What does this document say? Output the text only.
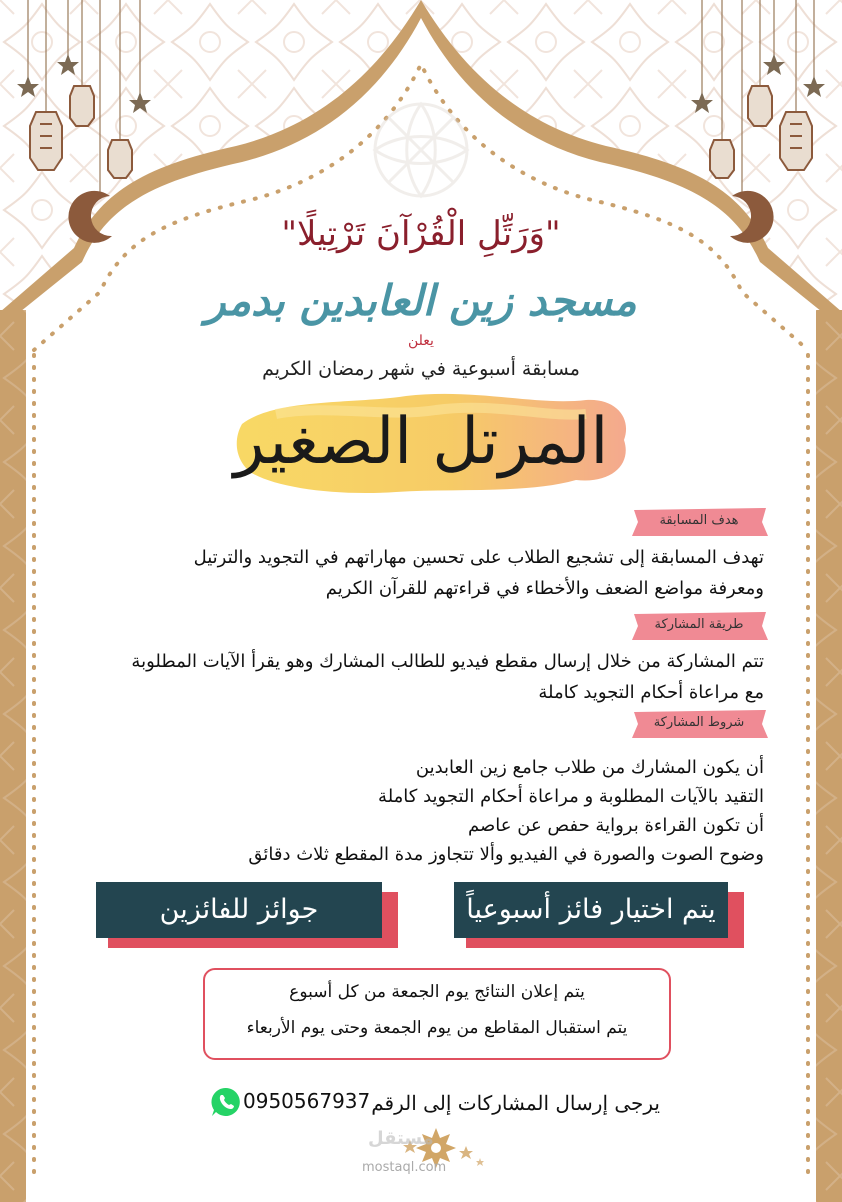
"وَرَتِّلِ الْقُرْآنَ تَرْتِيلًا"
مسجد زين العابدين بدمر
يعلن
مسابقة أسبوعية في شهر رمضان الكريم
المرتل الصغير
هدف المسابقة
تهدف المسابقة إلى تشجيع الطلاب على تحسين مهاراتهم في التجويد والترتيل
ومعرفة مواضع الضعف والأخطاء في قراءتهم للقرآن الكريم
طريقة المشاركة
تتم المشاركة من خلال إرسال مقطع فيديو للطالب المشارك وهو يقرأ الآيات المطلوبة
مع مراعاة أحكام التجويد كاملة
شروط المشاركة
أن يكون المشارك من طلاب جامع زين العابدين
التقيد بالآيات المطلوبة و مراعاة أحكام التجويد كاملة
أن تكون القراءة برواية حفص عن عاصم
وضوح الصوت والصورة في الفيديو وألا تتجاوز مدة المقطع ثلاث دقائق
يتم اختيار فائز أسبوعياً
جوائز للفائزين
يتم إعلان النتائج يوم الجمعة من كل أسبوع
يتم استقبال المقاطع من يوم الجمعة وحتى يوم الأربعاء
يرجى إرسال المشاركات إلى الرقم
0950567937
مستقل
mostaql.com
